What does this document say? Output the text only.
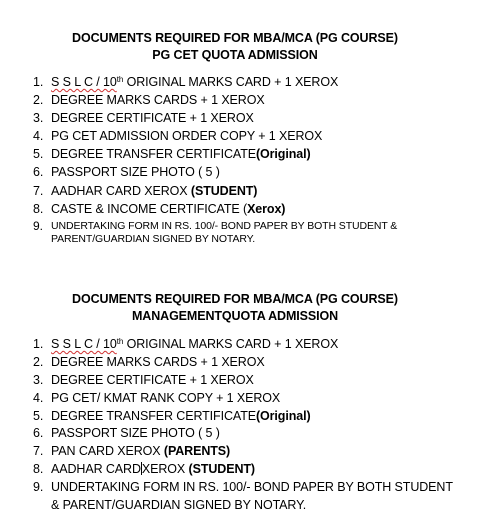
DOCUMENTS REQUIRED FOR MBA/MCA (PG COURSE)
PG CET QUOTA ADMISSION
1. S S L C / 10th ORIGINAL MARKS CARD + 1 XEROX
2. DEGREE MARKS CARDS + 1 XEROX
3. DEGREE CERTIFICATE + 1 XEROX
4. PG CET ADMISSION ORDER COPY + 1 XEROX
5. DEGREE TRANSFER CERTIFICATE(Original)
6. PASSPORT SIZE PHOTO ( 5 )
7. AADHAR CARD XEROX (STUDENT)
8. CASTE & INCOME CERTIFICATE (Xerox)
9. UNDERTAKING FORM IN RS. 100/- BOND PAPER BY BOTH STUDENT & PARENT/GUARDIAN SIGNED BY NOTARY.
DOCUMENTS REQUIRED FOR MBA/MCA (PG COURSE)
MANAGEMENTQUOTA ADMISSION
1. S S L C / 10th ORIGINAL MARKS CARD + 1 XEROX
2. DEGREE MARKS CARDS + 1 XEROX
3. DEGREE CERTIFICATE + 1 XEROX
4. PG CET/ KMAT RANK COPY + 1 XEROX
5. DEGREE TRANSFER CERTIFICATE(Original)
6. PASSPORT SIZE PHOTO ( 5 )
7. PAN CARD XEROX (PARENTS)
8. AADHAR CARDXEROX (STUDENT)
9. UNDERTAKING FORM IN RS. 100/- BOND PAPER BY BOTH STUDENT & PARENT/GUARDIAN SIGNED BY NOTARY.
